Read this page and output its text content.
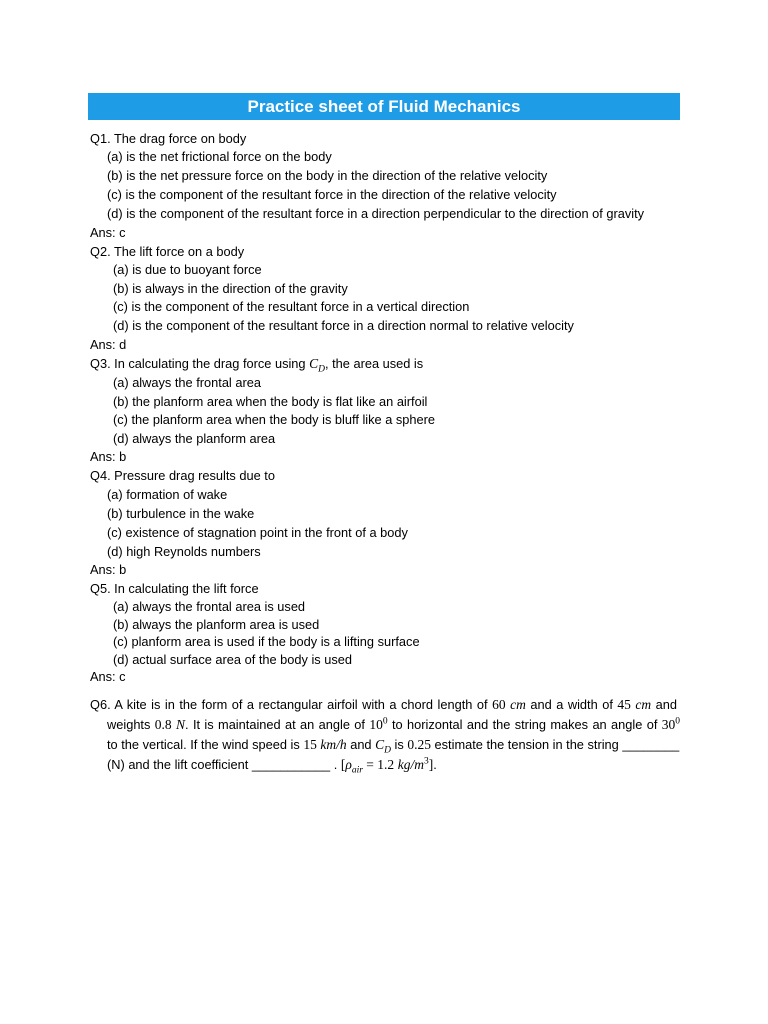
Practice sheet of Fluid Mechanics
Q1. The drag force on body
(a) is the net frictional force on the body
(b) is the net pressure force on the body in the direction of the relative velocity
(c) is the component of the resultant force in the direction of the relative velocity
(d) is the component of the resultant force in a direction perpendicular to the direction of gravity
Ans: c
Q2. The lift force on a body
(a) is due to buoyant force
(b) is always in the direction of the gravity
(c) is the component of the resultant force in a vertical direction
(d) is the component of the resultant force in a direction normal to relative velocity
Ans: d
Q3. In calculating the drag force using $C_D$, the area used is
(a) always the frontal area
(b) the planform area when the body is flat like an airfoil
(c) the planform area when the body is bluff like a sphere
(d) always the planform area
Ans: b
Q4. Pressure drag results due to
(a) formation of wake
(b) turbulence in the wake
(c) existence of stagnation point in the front of a body
(d) high Reynolds numbers
Ans: b
Q5. In calculating the lift force
(a) always the frontal area is used
(b) always the planform area is used
(c) planform area is used if the body is a lifting surface
(d) actual surface area of the body is used
Ans: c
Q6. A kite is in the form of a rectangular airfoil with a chord length of 60 cm and a width of 45 cm and
weights 0.8 N. It is maintained at an angle of $10^0$ to horizontal and the string makes an angle of $30^0$
to the vertical. If the wind speed is 15 km/h and $C_D$ is 0.25 estimate the tension in the string ________
(N) and the lift coefficient ___________ . [$\rho_{air} = 1.2$ $kg/m^3$].
